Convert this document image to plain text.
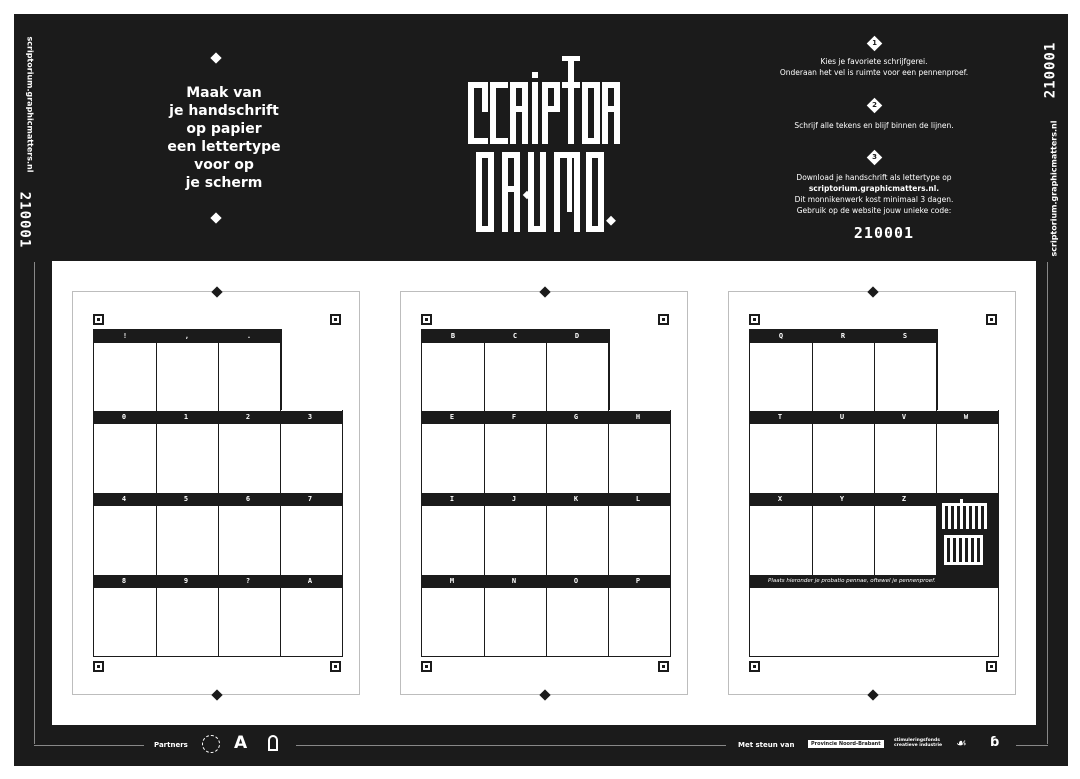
scriptorium.graphicmatters.nl
210001
210001
scriptorium.graphicmatters.nl
Maak van
je handschrift
op papier
een lettertype
voor op
je scherm
1
Kies je favoriete schrijfgerei.
Onderaan het vel is ruimte voor een pennenproef.
2
Schrijf alle tekens en blijf binnen de lijnen.
3
Download je handschrift als lettertype op
scriptorium.graphicmatters.nl.
Dit monnikenwerk kost minimaal 3 dagen.
Gebruik op de website jouw unieke code:
210001
!	,	.
0	1	2	3
4	5	6	7
8	9	?	A
B	C	D
E	F	G	H
I	J	K	L
M	N	O	P
Q	R	S
T	U	V	W
X	Y	Z
Plaats hieronder je probatio pennae, oftewel je pennenproef.
Partners	A	Met steun van	Provincie Noord-Brabant
stimuleringsfonds creatieve industrie	☙ ɓ
